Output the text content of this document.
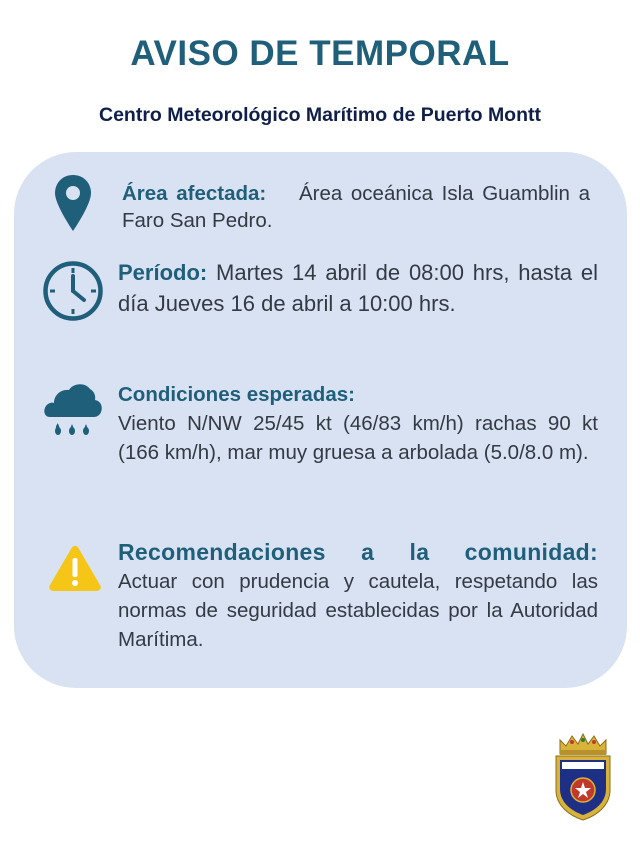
AVISO DE TEMPORAL
Centro Meteorológico Marítimo de Puerto Montt
Área afectada: Área oceánica Isla Guamblin a Faro San Pedro.
Período: Martes 14 abril de 08:00 hrs, hasta el día Jueves 16 de abril a 10:00 hrs.
Condiciones esperadas:
Viento N/NW 25/45 kt (46/83 km/h) rachas 90 kt (166 km/h), mar muy gruesa a arbolada (5.0/8.0 m).
Recomendaciones a la comunidad:
Actuar con prudencia y cautela, respetando las normas de seguridad establecidas por la Autoridad Marítima.
